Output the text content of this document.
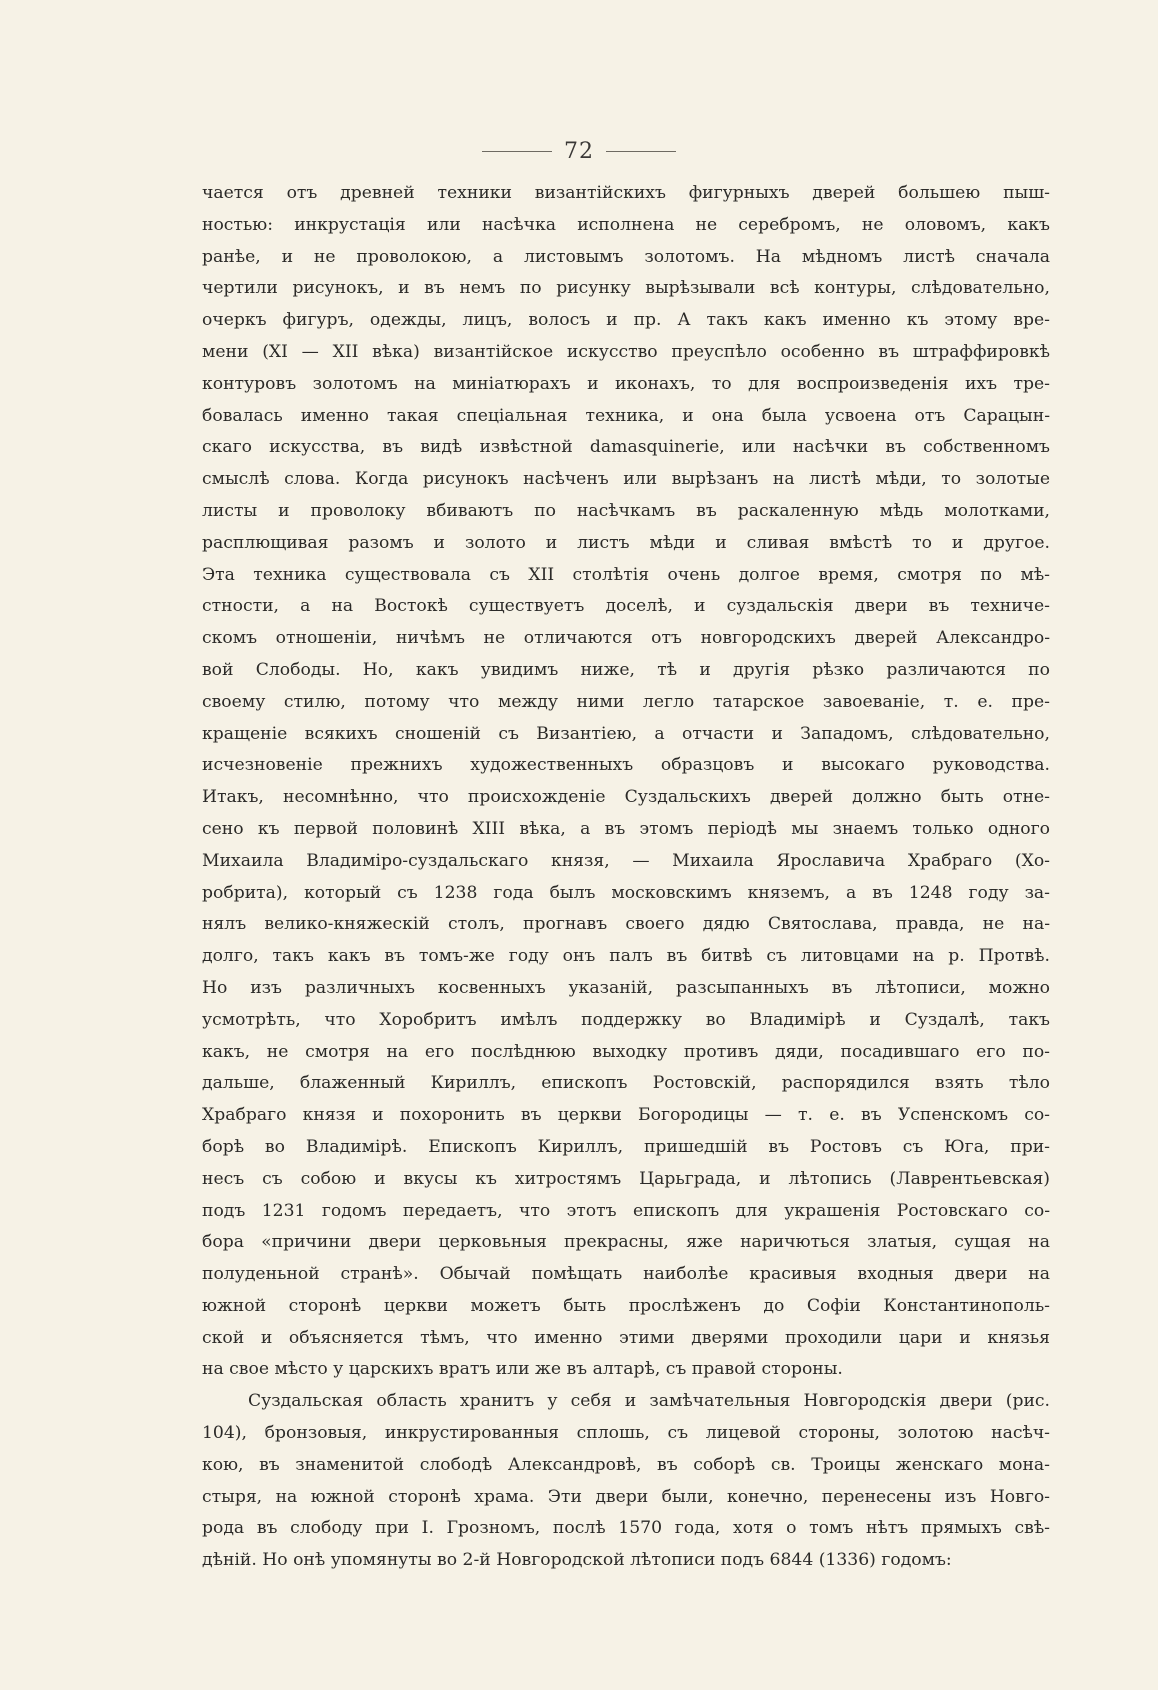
72
чается отъ древней техники византійскихъ фигурныхъ дверей большею пыш-
ностью: инкрустація или насѣчка исполнена не серебромъ, не оловомъ, какъ
ранѣе, и не проволокою, а листовымъ золотомъ. На мѣдномъ листѣ сначала
чертили рисунокъ, и въ немъ по рисунку вырѣзывали всѣ контуры, слѣдовательно,
очеркъ фигуръ, одежды, лицъ, волосъ и пр. А такъ какъ именно къ этому вре-
мени (XI — XII вѣка) византійское искусство преуспѣло особенно въ штраффировкѣ
контуровъ золотомъ на миніатюрахъ и иконахъ, то для воспроизведенія ихъ тре-
бовалась именно такая спеціальная техника, и она была усвоена отъ Сарацын-
скаго искусства, въ видѣ извѣстной damasquinerie, или насѣчки въ собственномъ
смыслѣ слова. Когда рисунокъ насѣченъ или вырѣзанъ на листѣ мѣди, то золотые
листы и проволоку вбиваютъ по насѣчкамъ въ раскаленную мѣдь молотками,
расплющивая разомъ и золото и листъ мѣди и сливая вмѣстѣ то и другое.
Эта техника существовала съ XII столѣтія очень долгое время, смотря по мѣ-
стности, а на Востокѣ существуетъ доселѣ, и суздальскія двери въ техниче-
скомъ отношеніи, ничѣмъ не отличаются отъ новгородскихъ дверей Александро-
вой Слободы. Но, какъ увидимъ ниже, тѣ и другія рѣзко различаются по
своему стилю, потому что между ними легло татарское завоеваніе, т. е. пре-
кращеніе всякихъ сношеній съ Византіею, а отчасти и Западомъ, слѣдовательно,
исчезновеніе прежнихъ художественныхъ образцовъ и высокаго руководства.
Итакъ, несомнѣнно, что происхожденіе Суздальскихъ дверей должно быть отне-
сено къ первой половинѣ XIII вѣка, а въ этомъ періодѣ мы знаемъ только одного
Михаила Владиміро-суздальскаго князя, — Михаила Ярославича Храбраго (Хо-
робрита), который съ 1238 года былъ московскимъ княземъ, а въ 1248 году за-
нялъ велико-княжескій столъ, прогнавъ своего дядю Святослава, правда, не на-
долго, такъ какъ въ томъ-же году онъ палъ въ битвѣ съ литовцами на р. Протвѣ.
Но изъ различныхъ косвенныхъ указаній, разсыпанныхъ въ лѣтописи, можно
усмотрѣть, что Хоробритъ имѣлъ поддержку во Владимірѣ и Суздалѣ, такъ
какъ, не смотря на его послѣднюю выходку противъ дяди, посадившаго его по-
дальше, блаженный Кириллъ, епископъ Ростовскій, распорядился взять тѣло
Храбраго князя и похоронить въ церкви Богородицы — т. е. въ Успенскомъ со-
борѣ во Владимірѣ. Епископъ Кириллъ, пришедшій въ Ростовъ съ Юга, при-
несъ съ собою и вкусы къ хитростямъ Царьграда, и лѣтопись (Лаврентьевская)
подъ 1231 годомъ передаетъ, что этотъ епископъ для украшенія Ростовскаго со-
бора «причини двери церковьныя прекрасны, яже наричються златыя, сущая на
полуденьной странѣ». Обычай помѣщать наиболѣе красивыя входныя двери на
южной сторонѣ церкви можетъ быть прослѣженъ до Софіи Константинополь-
ской и объясняется тѣмъ, что именно этими дверями проходили цари и князья
на свое мѣсто у царскихъ вратъ или же въ алтарѣ, съ правой стороны.
Суздальская область хранитъ у себя и замѣчательныя Новгородскія двери (рис.
104), бронзовыя, инкрустированныя сплошь, съ лицевой стороны, золотою насѣч-
кою, въ знаменитой слободѣ Александровѣ, въ соборѣ св. Троицы женскаго мона-
стыря, на южной сторонѣ храма. Эти двери были, конечно, перенесены изъ Новго-
рода въ слободу при І. Грозномъ, послѣ 1570 года, хотя о томъ нѣтъ прямыхъ свѣ-
дѣній. Но онѣ упомянуты во 2-й Новгородской лѣтописи подъ 6844 (1336) годомъ:
